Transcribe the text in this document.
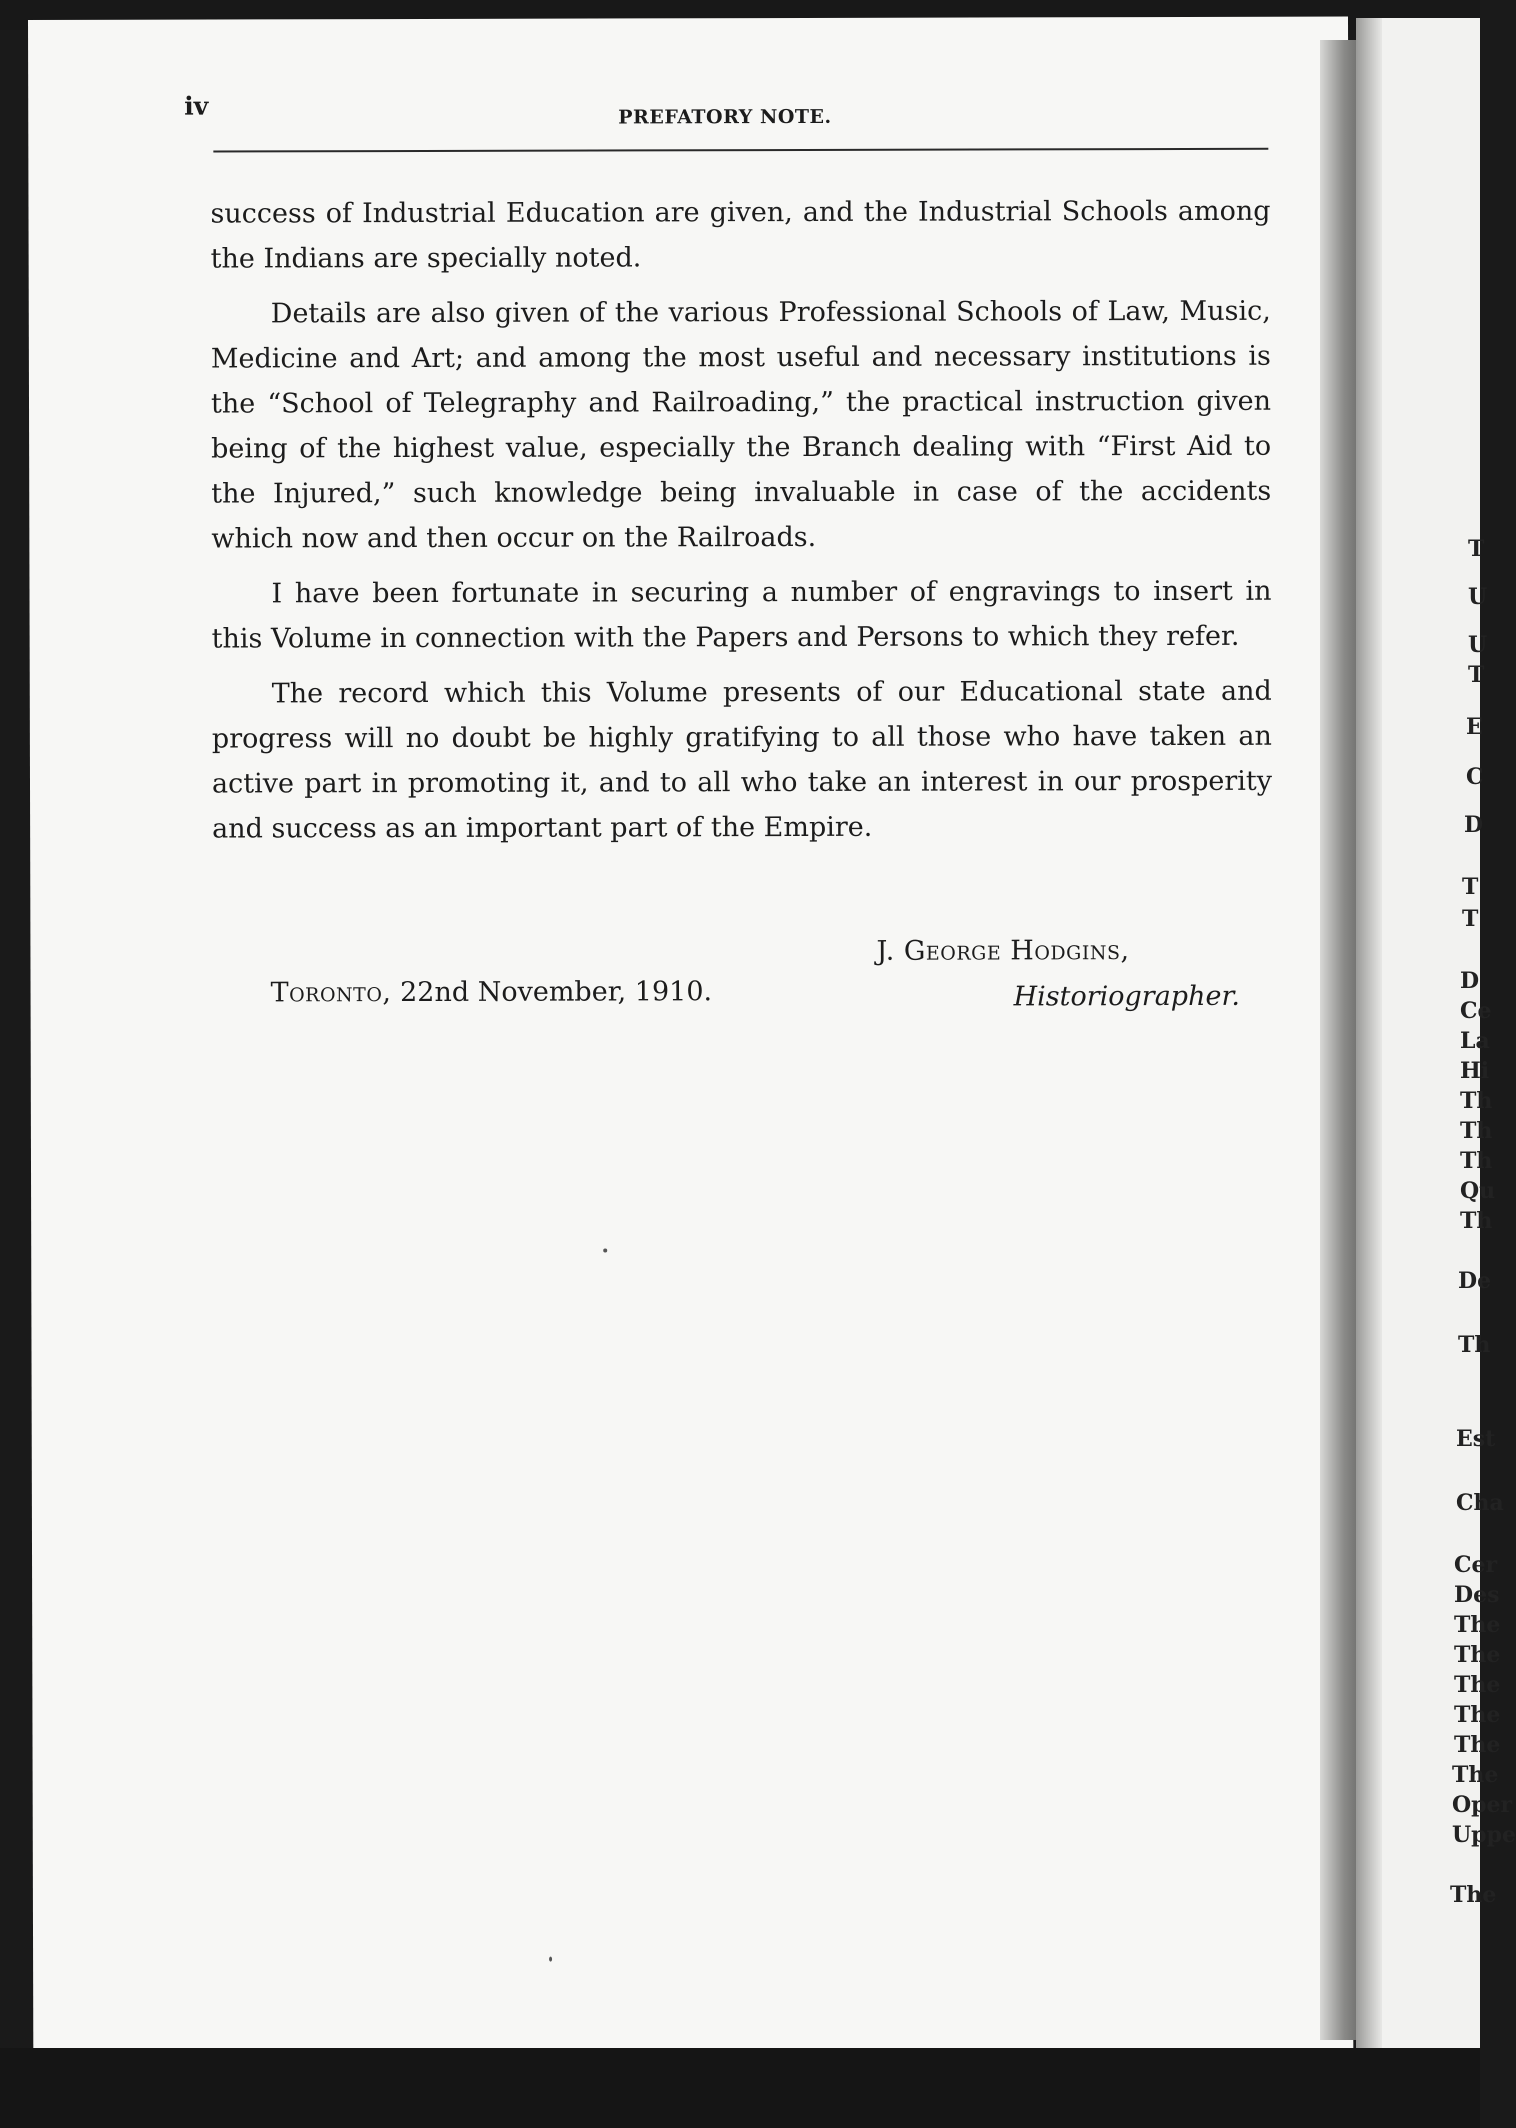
iv	PREFATORY NOTE.

success of Industrial Education are given, and the Industrial Schools among the Indians are specially noted.

Details are also given of the various Professional Schools of Law, Music, Medicine and Art; and among the most useful and necessary institutions is the “School of Telegraphy and Railroading,” the practical instruction given being of the highest value, especially the Branch dealing with “First Aid to the Injured,” such knowledge being invaluable in case of the accidents which now and then occur on the Railroads.

I have been fortunate in securing a number of engravings to insert in this Volume in connection with the Papers and Persons to which they refer.

The record which this Volume presents of our Educational state and progress will no doubt be highly gratifying to all those who have taken an active part in promoting it, and to all who take an interest in our prosperity and success as an important part of the Empire.

J. George Hodgins,
Historiographer.
Toronto, 22nd November, 1910.
T
U
U
T
E
C
D
T
T
D
Ce
La
Hi
Th
Th
Th
Qu
Th
De
Th
Est
Cha
Cer
Des
The
The
The
The
The
The
Oper
Uppe
The
